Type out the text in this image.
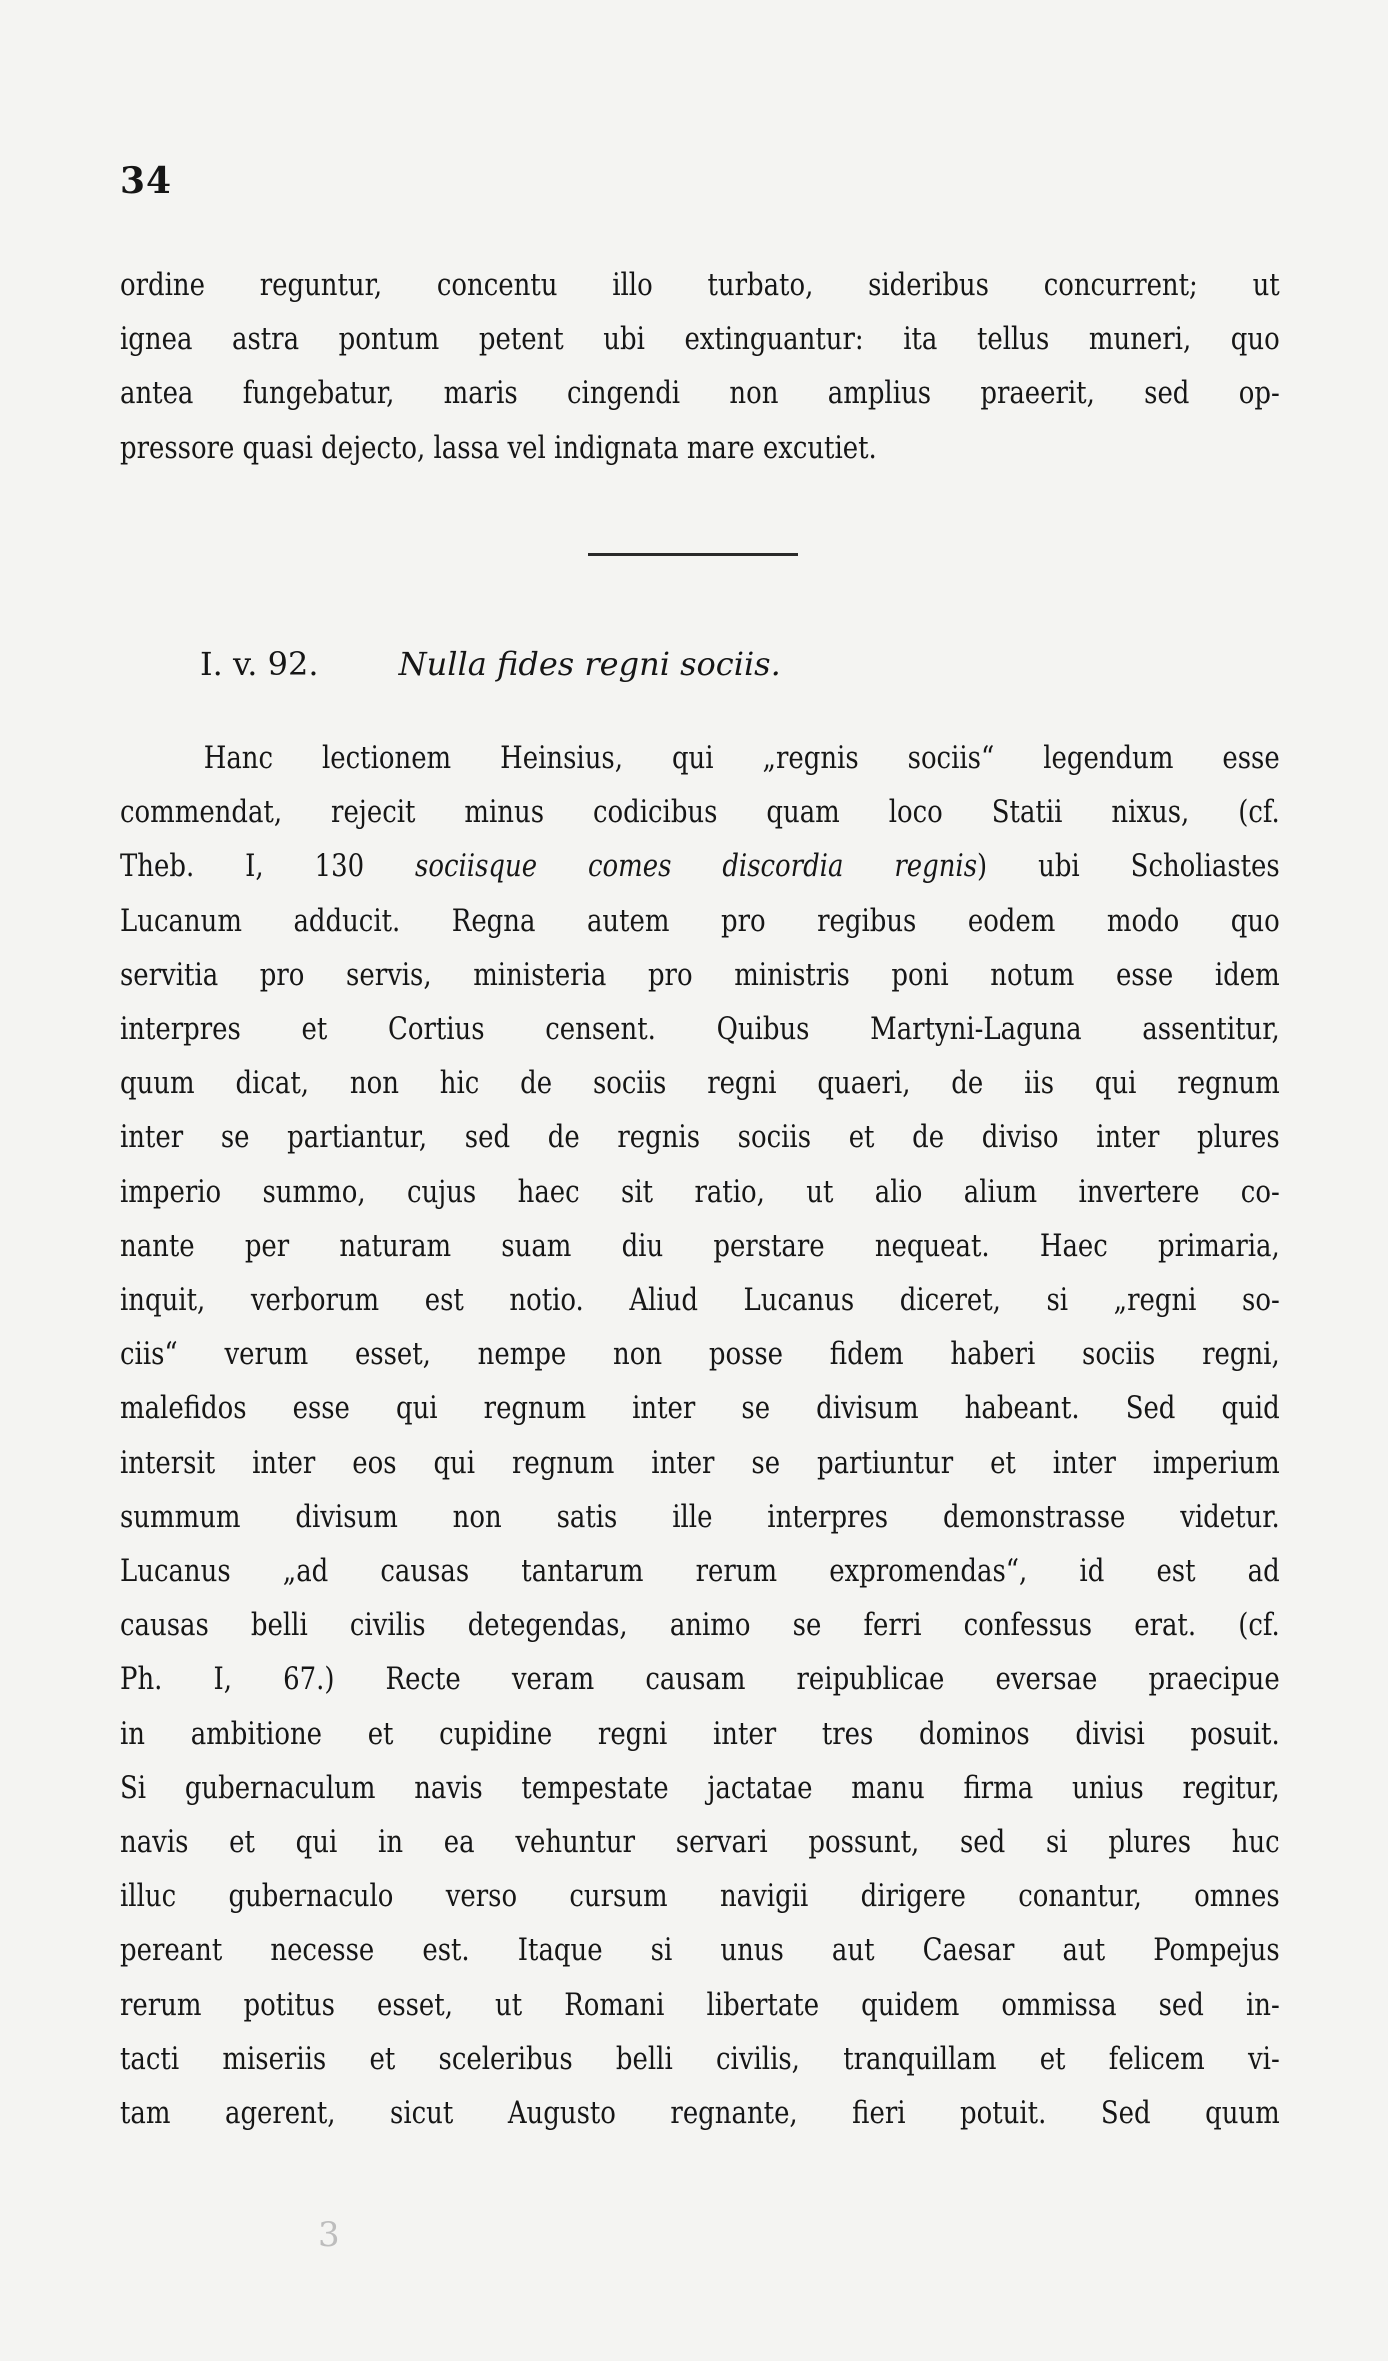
34

ordine reguntur, concentu illo turbato, sideribus concurrent; ut
ignea astra pontum petent ubi extinguantur: ita tellus muneri, quo
antea fungebatur, maris cingendi non amplius praeerit, sed op-
pressore quasi dejecto, lassa vel indignata mare excutiet.

I. v. 92.	Nulla fides regni sociis.

Hanc lectionem Heinsius, qui „regnis sociis“ legendum esse
commendat, rejecit minus codicibus quam loco Statii nixus, (cf.
Theb. I, 130 sociisque comes discordia regnis) ubi Scholiastes
Lucanum adducit. Regna autem pro regibus eodem modo quo
servitia pro servis, ministeria pro ministris poni notum esse idem
interpres et Cortius censent. Quibus Martyni-Laguna assentitur,
quum dicat, non hic de sociis regni quaeri, de iis qui regnum
inter se partiantur, sed de regnis sociis et de diviso inter plures
imperio summo, cujus haec sit ratio, ut alio alium invertere co-
nante per naturam suam diu perstare nequeat. Haec primaria,
inquit, verborum est notio. Aliud Lucanus diceret, si „regni so-
ciis“ verum esset, nempe non posse fidem haberi sociis regni,
malefidos esse qui regnum inter se divisum habeant. Sed quid
intersit inter eos qui regnum inter se partiuntur et inter imperium
summum divisum non satis ille interpres demonstrasse videtur.
Lucanus „ad causas tantarum rerum expromendas“, id est ad
causas belli civilis detegendas, animo se ferri confessus erat. (cf.
Ph. I, 67.) Recte veram causam reipublicae eversae praecipue
in ambitione et cupidine regni inter tres dominos divisi posuit.
Si gubernaculum navis tempestate jactatae manu firma unius regitur,
navis et qui in ea vehuntur servari possunt, sed si plures huc
illuc gubernaculo verso cursum navigii dirigere conantur, omnes
pereant necesse est. Itaque si unus aut Caesar aut Pompejus
rerum potitus esset, ut Romani libertate quidem ommissa sed in-
tacti miseriis et sceleribus belli civilis, tranquillam et felicem vi-
tam agerent, sicut Augusto regnante, fieri potuit. Sed quum

3
